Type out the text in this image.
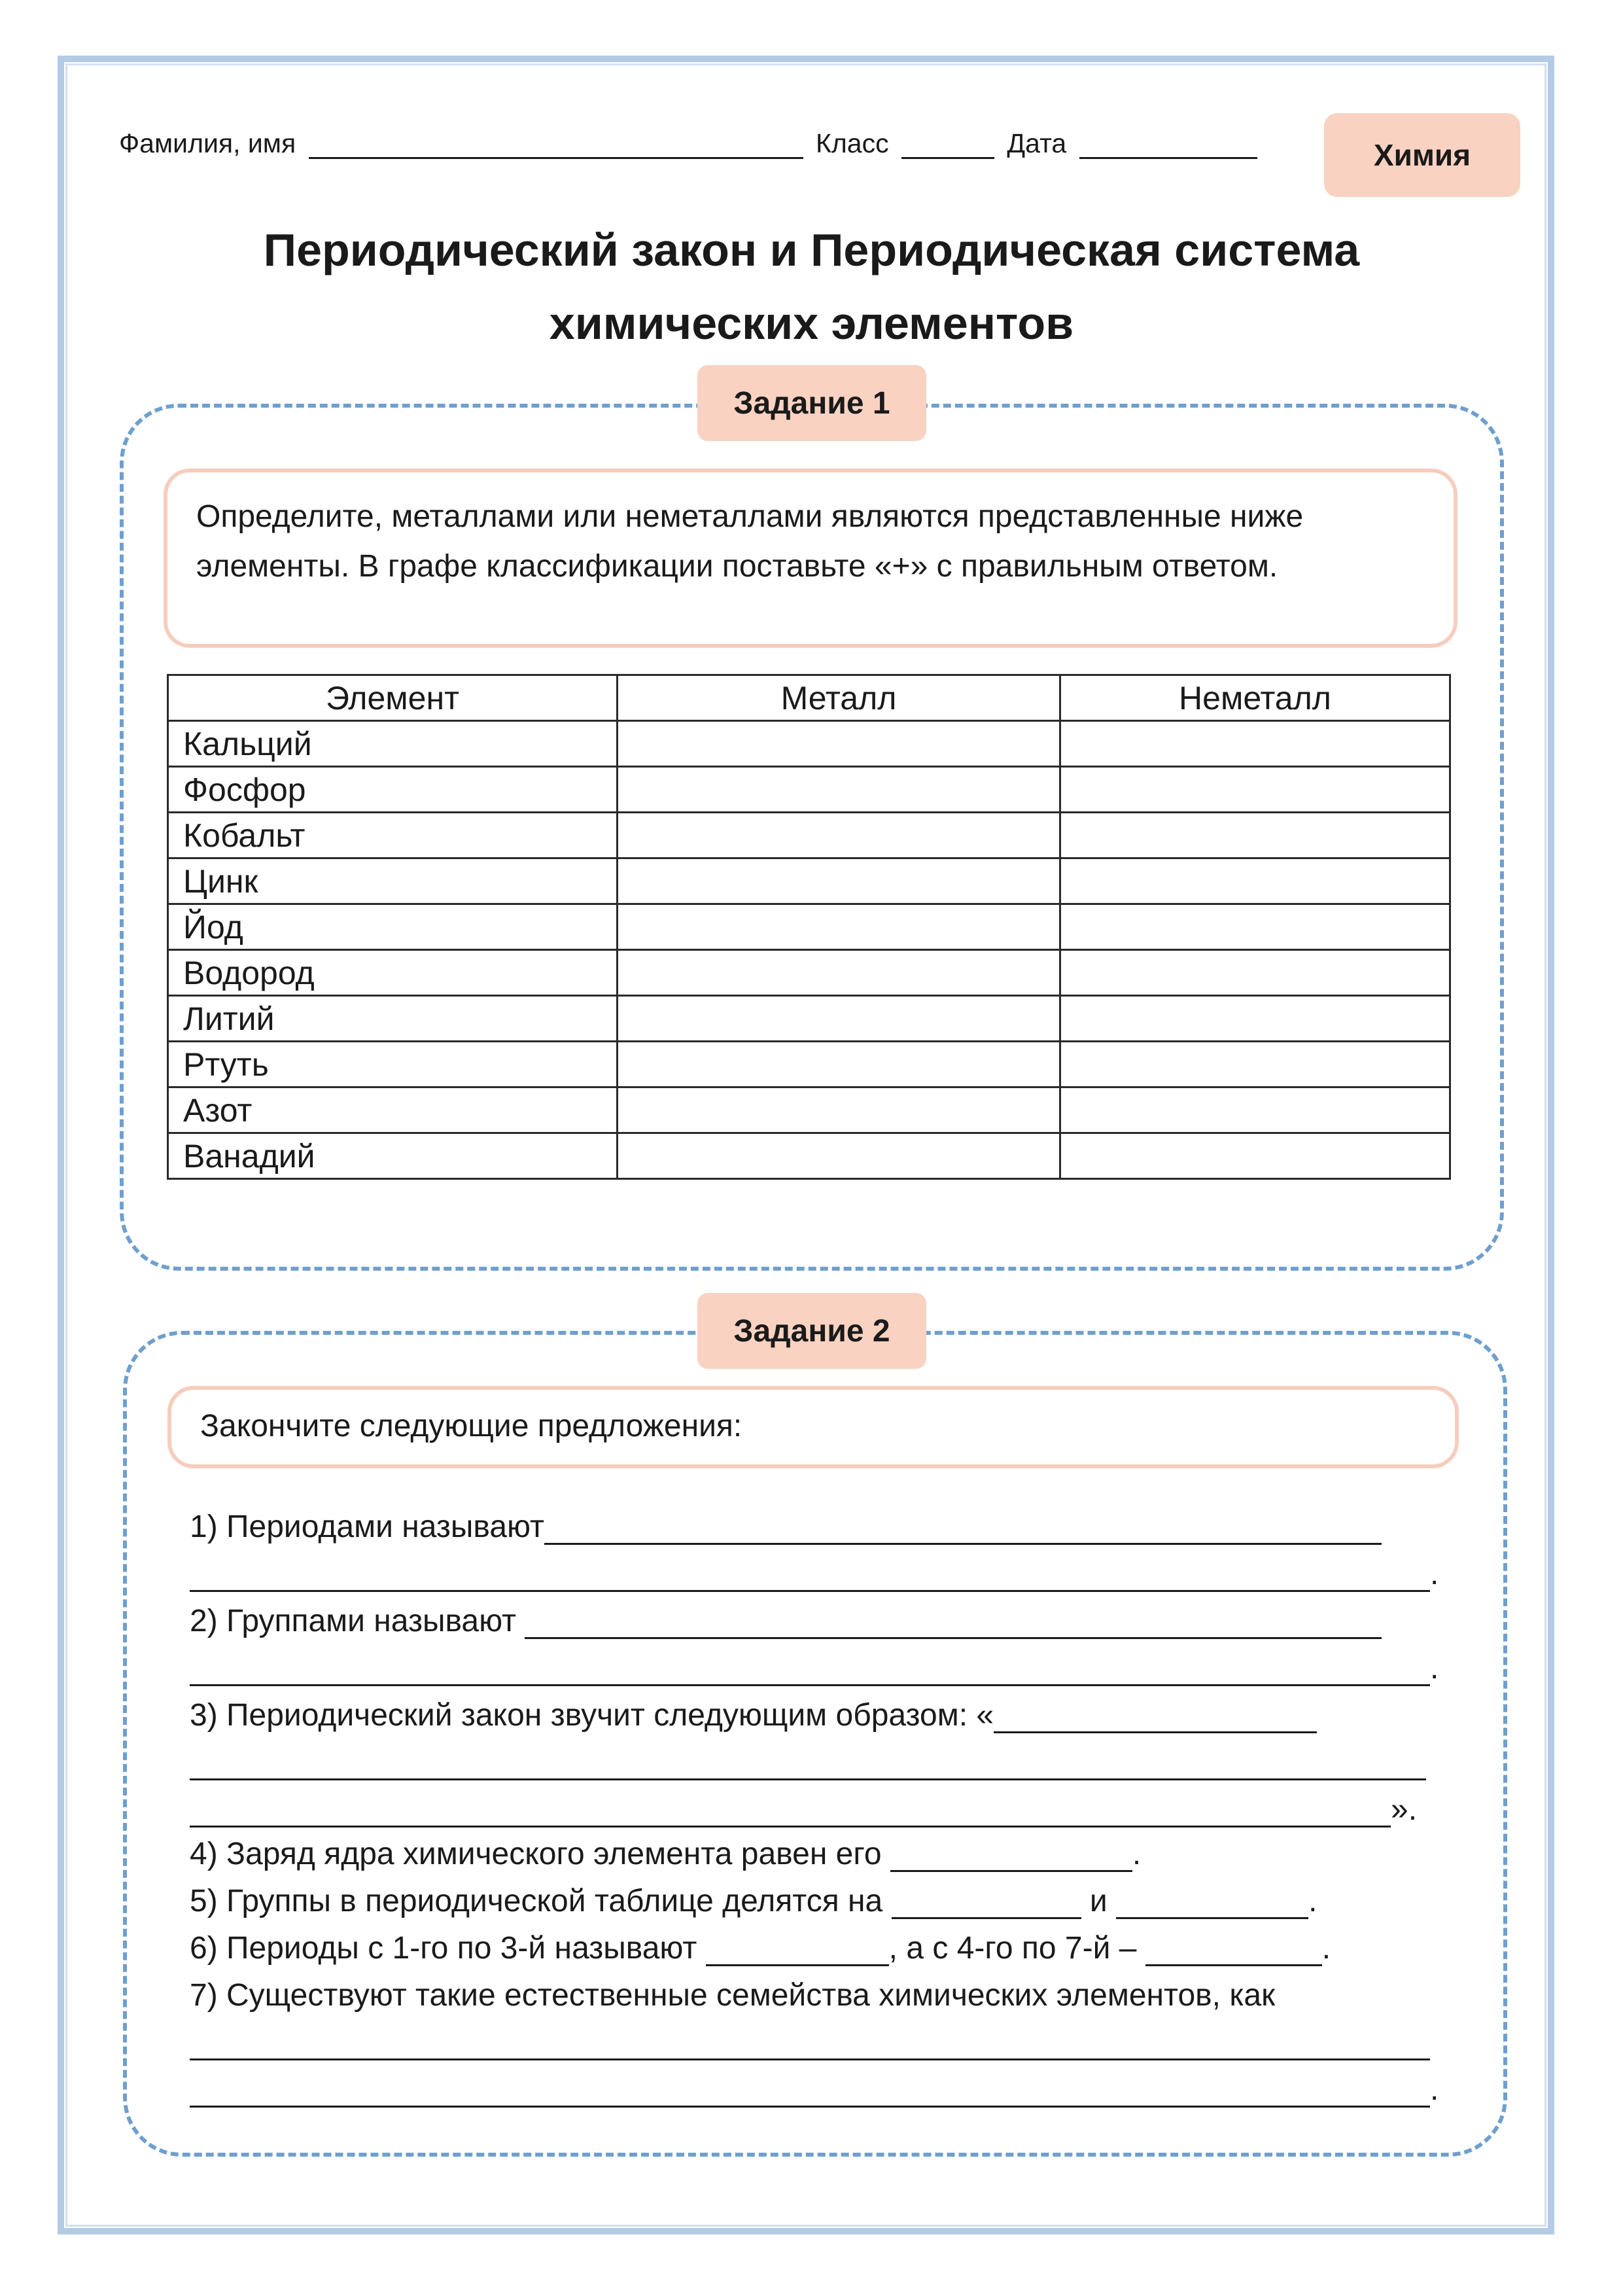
Фамилия, имя	Класс	Дата	Химия
Периодический закон и Периодическая система
химических элементов
Задание 1
Определите, металлами или неметаллами являются представленные ниже элементы. В графе классификации поставьте «+» с правильным ответом.
Элемент	Металл	Неметалл
Кальций		
Фосфор		
Кобальт		
Цинк		
Йод		
Водород		
Литий		
Ртуть		
Азот		
Ванадий		
Задание 2
Закончите следующие предложения:
1) Периодами называют
.
2) Группами называют
.
3) Периодический закон звучит следующим образом: «
».
4) Заряд ядра химического элемента равен его	.
5) Группы в периодической таблице делятся на	и	.
6) Периоды с 1-го по 3-й называют	, а с 4-го по 7-й –	.
7) Существуют такие естественные семейства химических элементов, как
.
